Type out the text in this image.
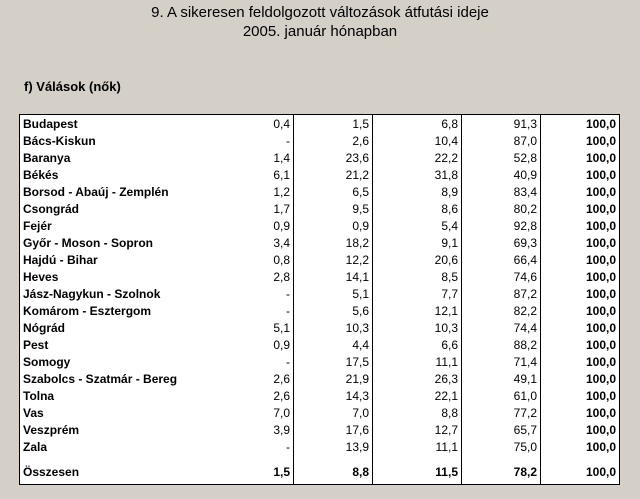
9. A sikeresen feldolgozott változások átfutási ideje
2005. január hónapban
f) Válások (nők)
Budapest	0,4	1,5	6,8	91,3	100,0
Bács-Kiskun	-	2,6	10,4	87,0	100,0
Baranya	1,4	23,6	22,2	52,8	100,0
Békés	6,1	21,2	31,8	40,9	100,0
Borsod - Abaúj - Zemplén	1,2	6,5	8,9	83,4	100,0
Csongrád	1,7	9,5	8,6	80,2	100,0
Fejér	0,9	0,9	5,4	92,8	100,0
Győr - Moson - Sopron	3,4	18,2	9,1	69,3	100,0
Hajdú - Bihar	0,8	12,2	20,6	66,4	100,0
Heves	2,8	14,1	8,5	74,6	100,0
Jász-Nagykun - Szolnok	-	5,1	7,7	87,2	100,0
Komárom - Esztergom	-	5,6	12,1	82,2	100,0
Nógrád	5,1	10,3	10,3	74,4	100,0
Pest	0,9	4,4	6,6	88,2	100,0
Somogy	-	17,5	11,1	71,4	100,0
Szabolcs - Szatmár - Bereg	2,6	21,9	26,3	49,1	100,0
Tolna	2,6	14,3	22,1	61,0	100,0
Vas	7,0	7,0	8,8	77,2	100,0
Veszprém	3,9	17,6	12,7	65,7	100,0
Zala	-	13,9	11,1	75,0	100,0
Összesen	1,5	8,8	11,5	78,2	100,0
